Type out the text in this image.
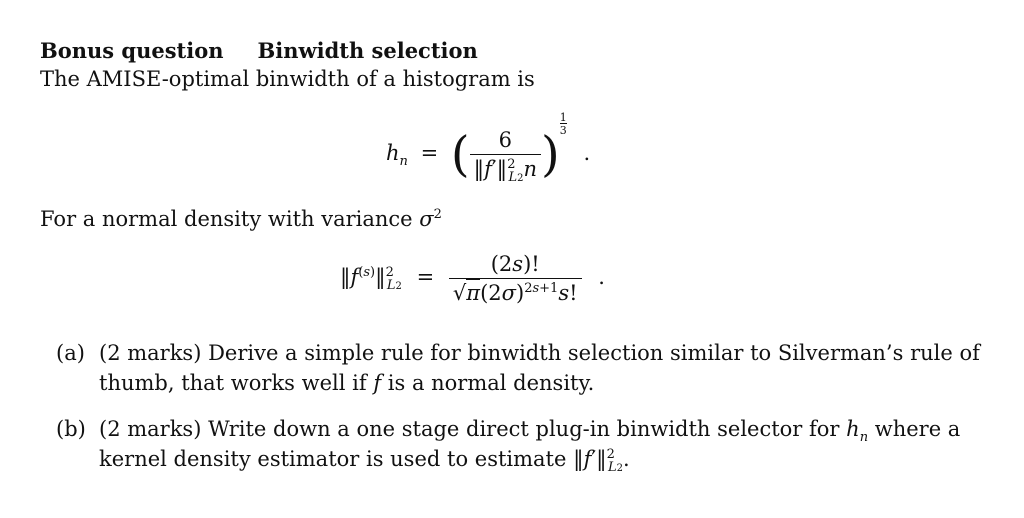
Bonus question Binwidth selection
The AMISE-optimal binwidth of a histogram is
$h_n$ = ( $\frac{6}{‖f'‖^2_{L2}n} )^{1 3}$ .
For a normal density with variance $\sigma^2$
$‖f^{(s)}‖^2_{L2} = \frac{(2s)!}{√\pi(2\sigma)^{2s+1}s!}$ .
(a) (2 marks) Derive a simple rule for binwidth selection similar to Silverman’s rule of
thumb, that works well if f is a normal density.
(b) (2 marks) Write down a one stage direct plug-in binwidth selector for $h_n$ where a
kernel density estimator is used to estimate ‖f′‖$^2_{L2}$.
